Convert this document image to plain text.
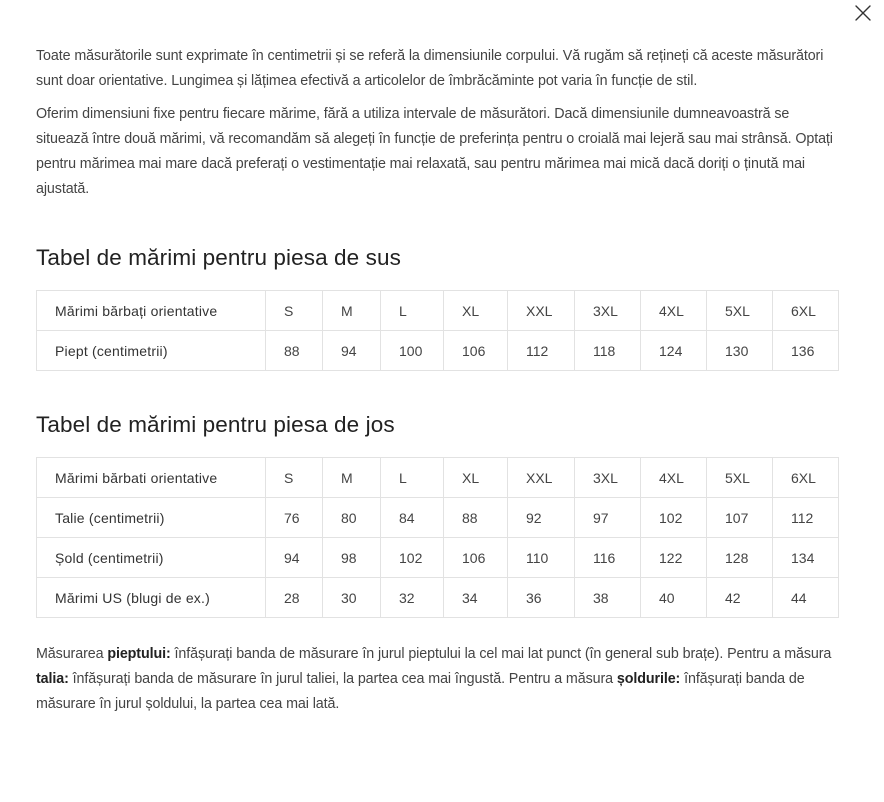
Toate măsurătorile sunt exprimate în centimetrii și se referă la dimensiunile corpului. Vă rugăm să rețineți că aceste măsurători sunt doar orientative. Lungimea și lățimea efectivă a articolelor de îmbrăcăminte pot varia în funcție de stil.

Oferim dimensiuni fixe pentru fiecare mărime, fără a utiliza intervale de măsurători. Dacă dimensiunile dumneavoastră se situează între două mărimi, vă recomandăm să alegeți în funcție de preferința pentru o croială mai lejeră sau mai strânsă. Optați pentru mărimea mai mare dacă preferați o vestimentație mai relaxată, sau pentru mărimea mai mică dacă doriți o ținută mai ajustată.

Tabel de mărimi pentru piesa de sus
Mărimi bărbați orientative	S	M	L	XL	XXL	3XL	4XL	5XL	6XL
Piept (centimetrii)	88	94	100	106	112	118	124	130	136
Tabel de mărimi pentru piesa de jos
Mărimi bărbati orientative	S	M	L	XL	XXL	3XL	4XL	5XL	6XL
Talie (centimetrii)	76	80	84	88	92	97	102	107	112
Șold (centimetrii)	94	98	102	106	110	116	122	128	134
Mărimi US (blugi de ex.)	28	30	32	34	36	38	40	42	44

Măsurarea pieptului: înfășurați banda de măsurare în jurul pieptului la cel mai lat punct (în general sub brațe). Pentru a măsura talia: înfășurați banda de măsurare în jurul taliei, la partea cea mai îngustă. Pentru a măsura șoldurile: înfășurați banda de măsurare în jurul șoldului, la partea cea mai lată.
